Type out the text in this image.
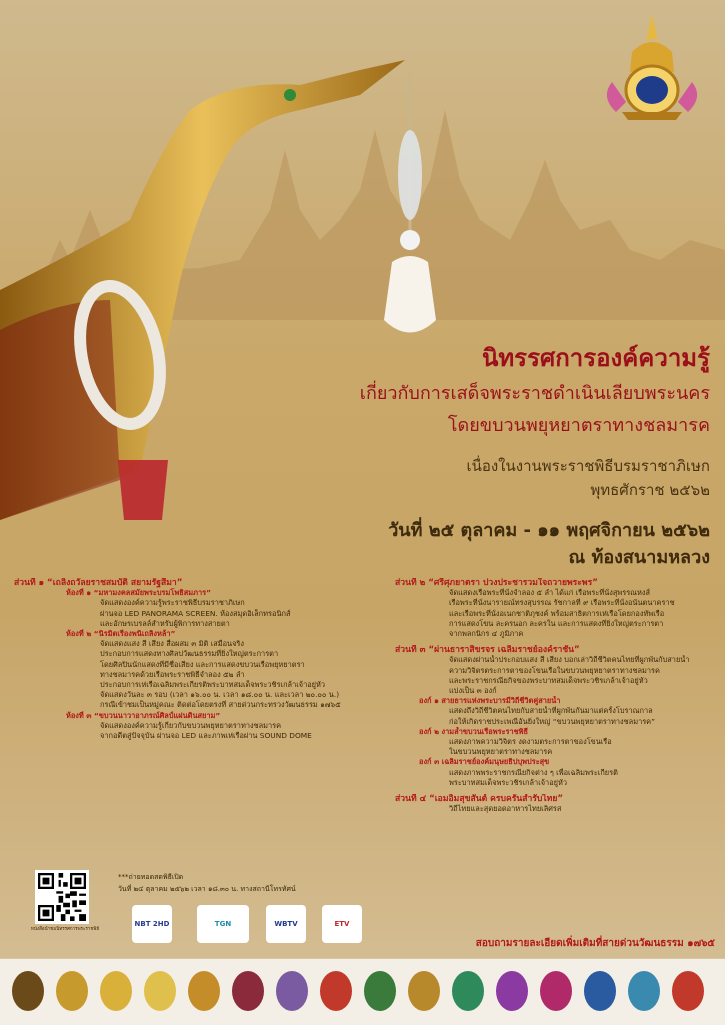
นิทรรศการองค์ความรู้
เกี่ยวกับการเสด็จพระราชดำเนินเลียบพระนคร
โดยขบวนพยุหยาตราทางชลมารค
เนื่องในงานพระราชพิธีบรมราชาภิเษก
พุทธศักราช ๒๕๖๒
วันที่ ๒๕ ตุลาคม - ๑๑ พฤศจิกายน ๒๕๖๒
ณ ท้องสนามหลวง
ส่วนที่ ๑ “เถลิงถวัลยราชสมบัติ สยามรัฐสีมา”
ห้องที่ ๑ “มหามงคลสมัยพระบรมโพธิสมภาร”
จัดแสดงองค์ความรู้พระราชพิธีบรมราชาภิเษก
ผ่านจอ LED PANORAMA SCREEN. ห้องสมุดอิเล็กทรอนิกส์
และอักษรเบรลล์สำหรับผู้พิการทางสายตา
ห้องที่ ๒ “นิรมิตเรืองพนิเถลิงหล้า”
จัดแสดงแสง สี เสียง สื่อผสม ๓ มิติ เสมือนจริง
ประกอบการแสดงทางศิลปวัฒนธรรมที่ยิ่งใหญ่ตระการตา
โดยศิลปินนักแสดงที่มีชื่อเสียง และการแสดงขบวนเรือพยุหยาตรา
ทางชลมารคด้วยเรือพระราชพิธีจำลอง ๕๒ ลำ
ประกอบการเห่เรือเฉลิมพระเกียรติพระบาทสมเด็จพระวชิรเกล้าเจ้าอยู่หัว
จัดแสดงวันละ ๓ รอบ (เวลา ๑๖.๐๐ น. เวลา ๑๘.๐๐ น. และเวลา ๒๐.๐๐ น.)
กรณีเข้าชมเป็นหมู่คณะ ติดต่อโดยตรงที่ สายด่วนกระทรวงวัฒนธรรม ๑๗๖๕
ห้องที่ ๓ “ขบวนนาวาอาภรณ์ศิลป์แผ่นดินสยาม”
จัดแสดงองค์ความรู้เกี่ยวกับขบวนพยุหยาตราทางชลมารค
จากอดีตสู่ปัจจุบัน ผ่านจอ LED และภาพเห่เรือผ่าน SOUND DOME
ส่วนที่ ๒ “ศรีศุภยาตรา ปวงประชารวมใจถวายพระพร”
จัดแสดงเรือพระที่นั่งจำลอง ๕ ลำ ได้แก่ เรือพระที่นั่งสุพรรณหงส์
เรือพระที่นั่งนารายณ์ทรงสุบรรณ รัชกาลที่ ๙ เรือพระที่นั่งอนันตนาคราช
และเรือพระที่นั่งอเนกชาติภุชงค์ พร้อมสาธิตการเห่เรือโดยกองทัพเรือ
การแสดงโขน ละครนอก ละครใน และการแสดงที่ยิ่งใหญ่ตระการตา
จากพลกนิกร ๔ ภูมิภาค
ส่วนที่ ๓ “ผ่านธาราสิขรจร เฉลิมราชย์องค์ราชัน”
จัดแสดงผ่านน้ำประกอบแสง สี เสียง บอกเล่าวิถีชีวิตคนไทยที่ผูกพันกับสายน้ำ
ความวิจิตรตระการตาของโขนเรือในขบวนพยุหยาตราทางชลมารค
และพระราชกรณียกิจของพระบาทสมเด็จพระวชิรเกล้าเจ้าอยู่หัว
แบ่งเป็น ๓ องก์
องก์ ๑ สายธารแห่งพระบารมีวิถีชีวิตคู่สายน้ำ
แสดงถึงวิถีชีวิตคนไทยกับสายน้ำที่ผูกพันกันมาแต่ครั้งโบราณกาล
ก่อให้เกิดราชประเพณีอันยิ่งใหญ่ “ขบวนพยุหยาตราทางชลมารค”
องก์ ๒ งามล้ำขบวนเรือพระราชพิธี
แสดงภาพความวิจิตร งดงามตระการตาของโขนเรือ
ในขบวนพยุหยาตราทางชลมารค
องก์ ๓ เฉลิมราชย์องค์มนุษยธิปบุพประสุข
แสดงภาพพระราชกรณียกิจต่าง ๆ เพื่อเฉลิมพระเกียรติ
พระบาทสมเด็จพระวชิรเกล้าเจ้าอยู่หัว
ส่วนที่ ๔ “เอมอิ่มสุขสันต์ ครบครันสำรับไทย”
วิถีไทยและสุดยอดอาหารไทยเลิศรส
หนังสือนำชมนิทรรศการพระราชพิธี
***ถ่ายทอดสดพิธีเปิด
วันที่ ๒๔ ตุลาคม ๒๕๖๒ เวลา ๑๘.๓๐ น. ทางสถานีโทรทัศน์
NBT 2HD	TGN	WBTV	ETV
สอบถามรายละเอียดเพิ่มเติมที่สายด่วนวัฒนธรรม ๑๗๖๕
